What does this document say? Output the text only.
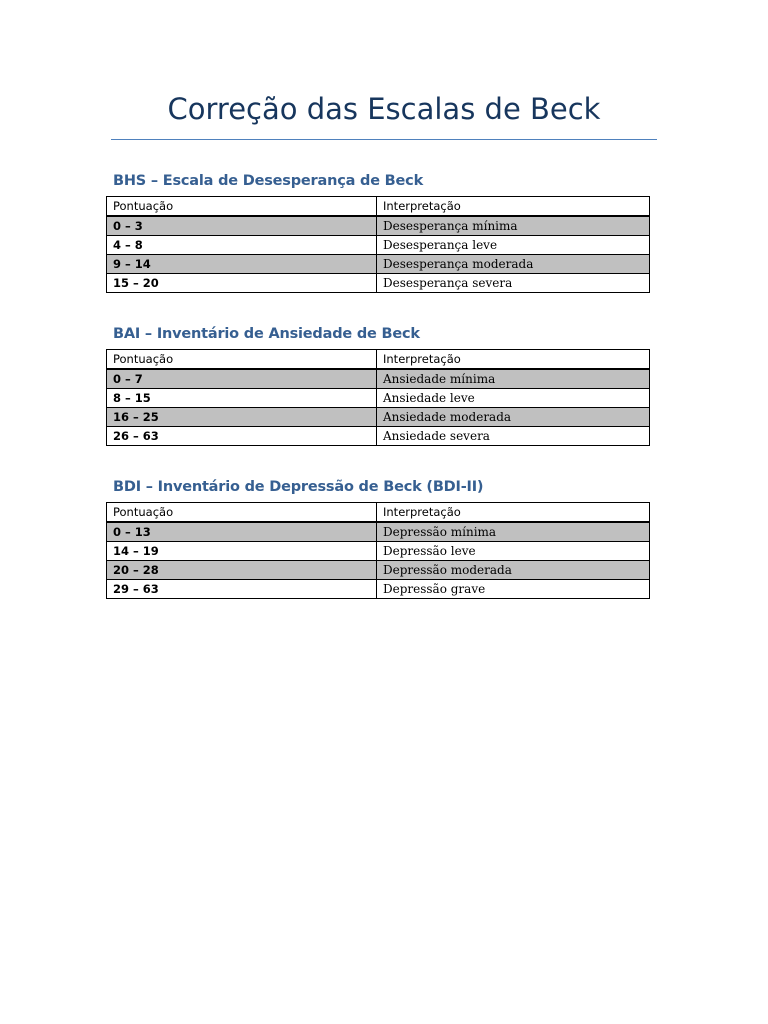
Correção das Escalas de Beck
BHS – Escala de Desesperança de Beck
Pontuação	Interpretação
0 – 3	Desesperança mínima
4 – 8	Desesperança leve
9 – 14	Desesperança moderada
15 – 20	Desesperança severa
BAI – Inventário de Ansiedade de Beck
Pontuação	Interpretação
0 – 7	Ansiedade mínima
8 – 15	Ansiedade leve
16 – 25	Ansiedade moderada
26 – 63	Ansiedade severa
BDI – Inventário de Depressão de Beck (BDI-II)
Pontuação	Interpretação
0 – 13	Depressão mínima
14 – 19	Depressão leve
20 – 28	Depressão moderada
29 – 63	Depressão grave
